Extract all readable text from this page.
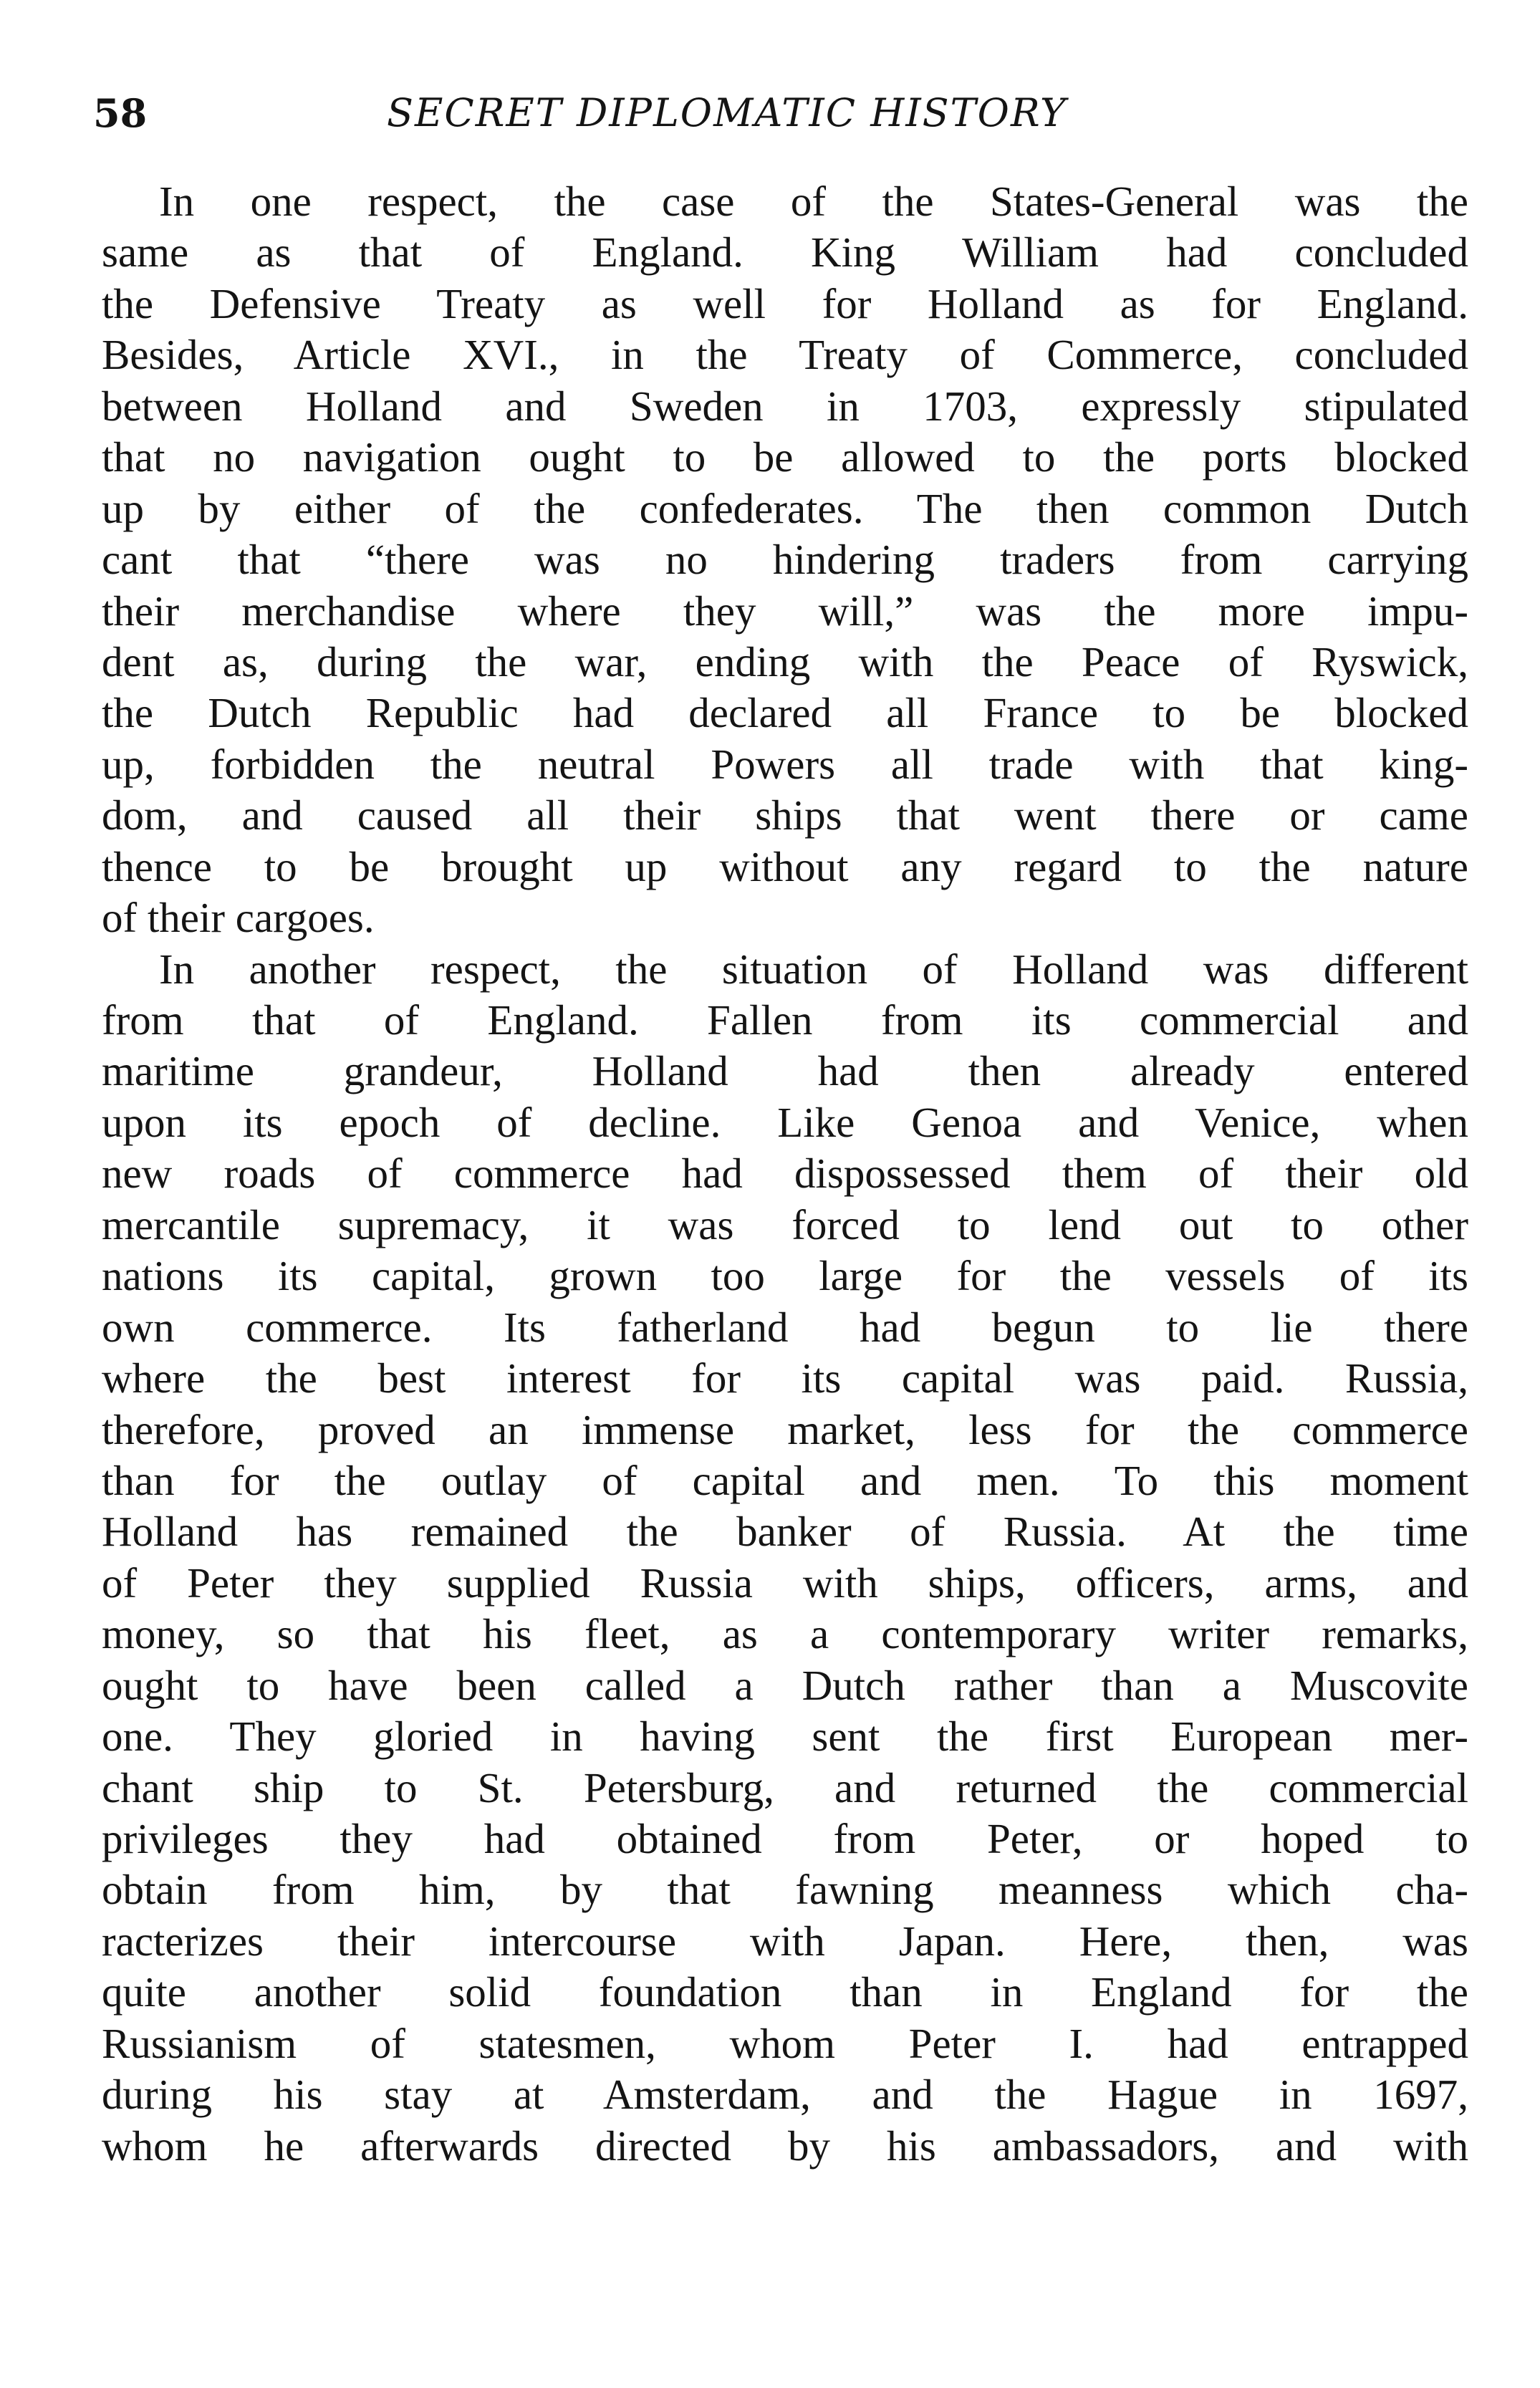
58	SECRET DIPLOMATIC HISTORY
In one respect, the case of the States-General was the
same as that of England. King William had concluded
the Defensive Treaty as well for Holland as for England.
Besides, Article XVI., in the Treaty of Commerce, concluded
between Holland and Sweden in 1703, expressly stipulated
that no navigation ought to be allowed to the ports blocked
up by either of the confederates. The then common Dutch
cant that “there was no hindering traders from carrying
their merchandise where they will,” was the more impu-
dent as, during the war, ending with the Peace of Ryswick,
the Dutch Republic had declared all France to be blocked
up, forbidden the neutral Powers all trade with that king-
dom, and caused all their ships that went there or came
thence to be brought up without any regard to the nature
of their cargoes.
In another respect, the situation of Holland was different
from that of England. Fallen from its commercial and
maritime grandeur, Holland had then already entered
upon its epoch of decline. Like Genoa and Venice, when
new roads of commerce had dispossessed them of their old
mercantile supremacy, it was forced to lend out to other
nations its capital, grown too large for the vessels of its
own commerce. Its fatherland had begun to lie there
where the best interest for its capital was paid. Russia,
therefore, proved an immense market, less for the commerce
than for the outlay of capital and men. To this moment
Holland has remained the banker of Russia. At the time
of Peter they supplied Russia with ships, officers, arms, and
money, so that his fleet, as a contemporary writer remarks,
ought to have been called a Dutch rather than a Muscovite
one. They gloried in having sent the first European mer-
chant ship to St. Petersburg, and returned the commercial
privileges they had obtained from Peter, or hoped to
obtain from him, by that fawning meanness which cha-
racterizes their intercourse with Japan. Here, then, was
quite another solid foundation than in England for the
Russianism of statesmen, whom Peter I. had entrapped
during his stay at Amsterdam, and the Hague in 1697,
whom he afterwards directed by his ambassadors, and with
